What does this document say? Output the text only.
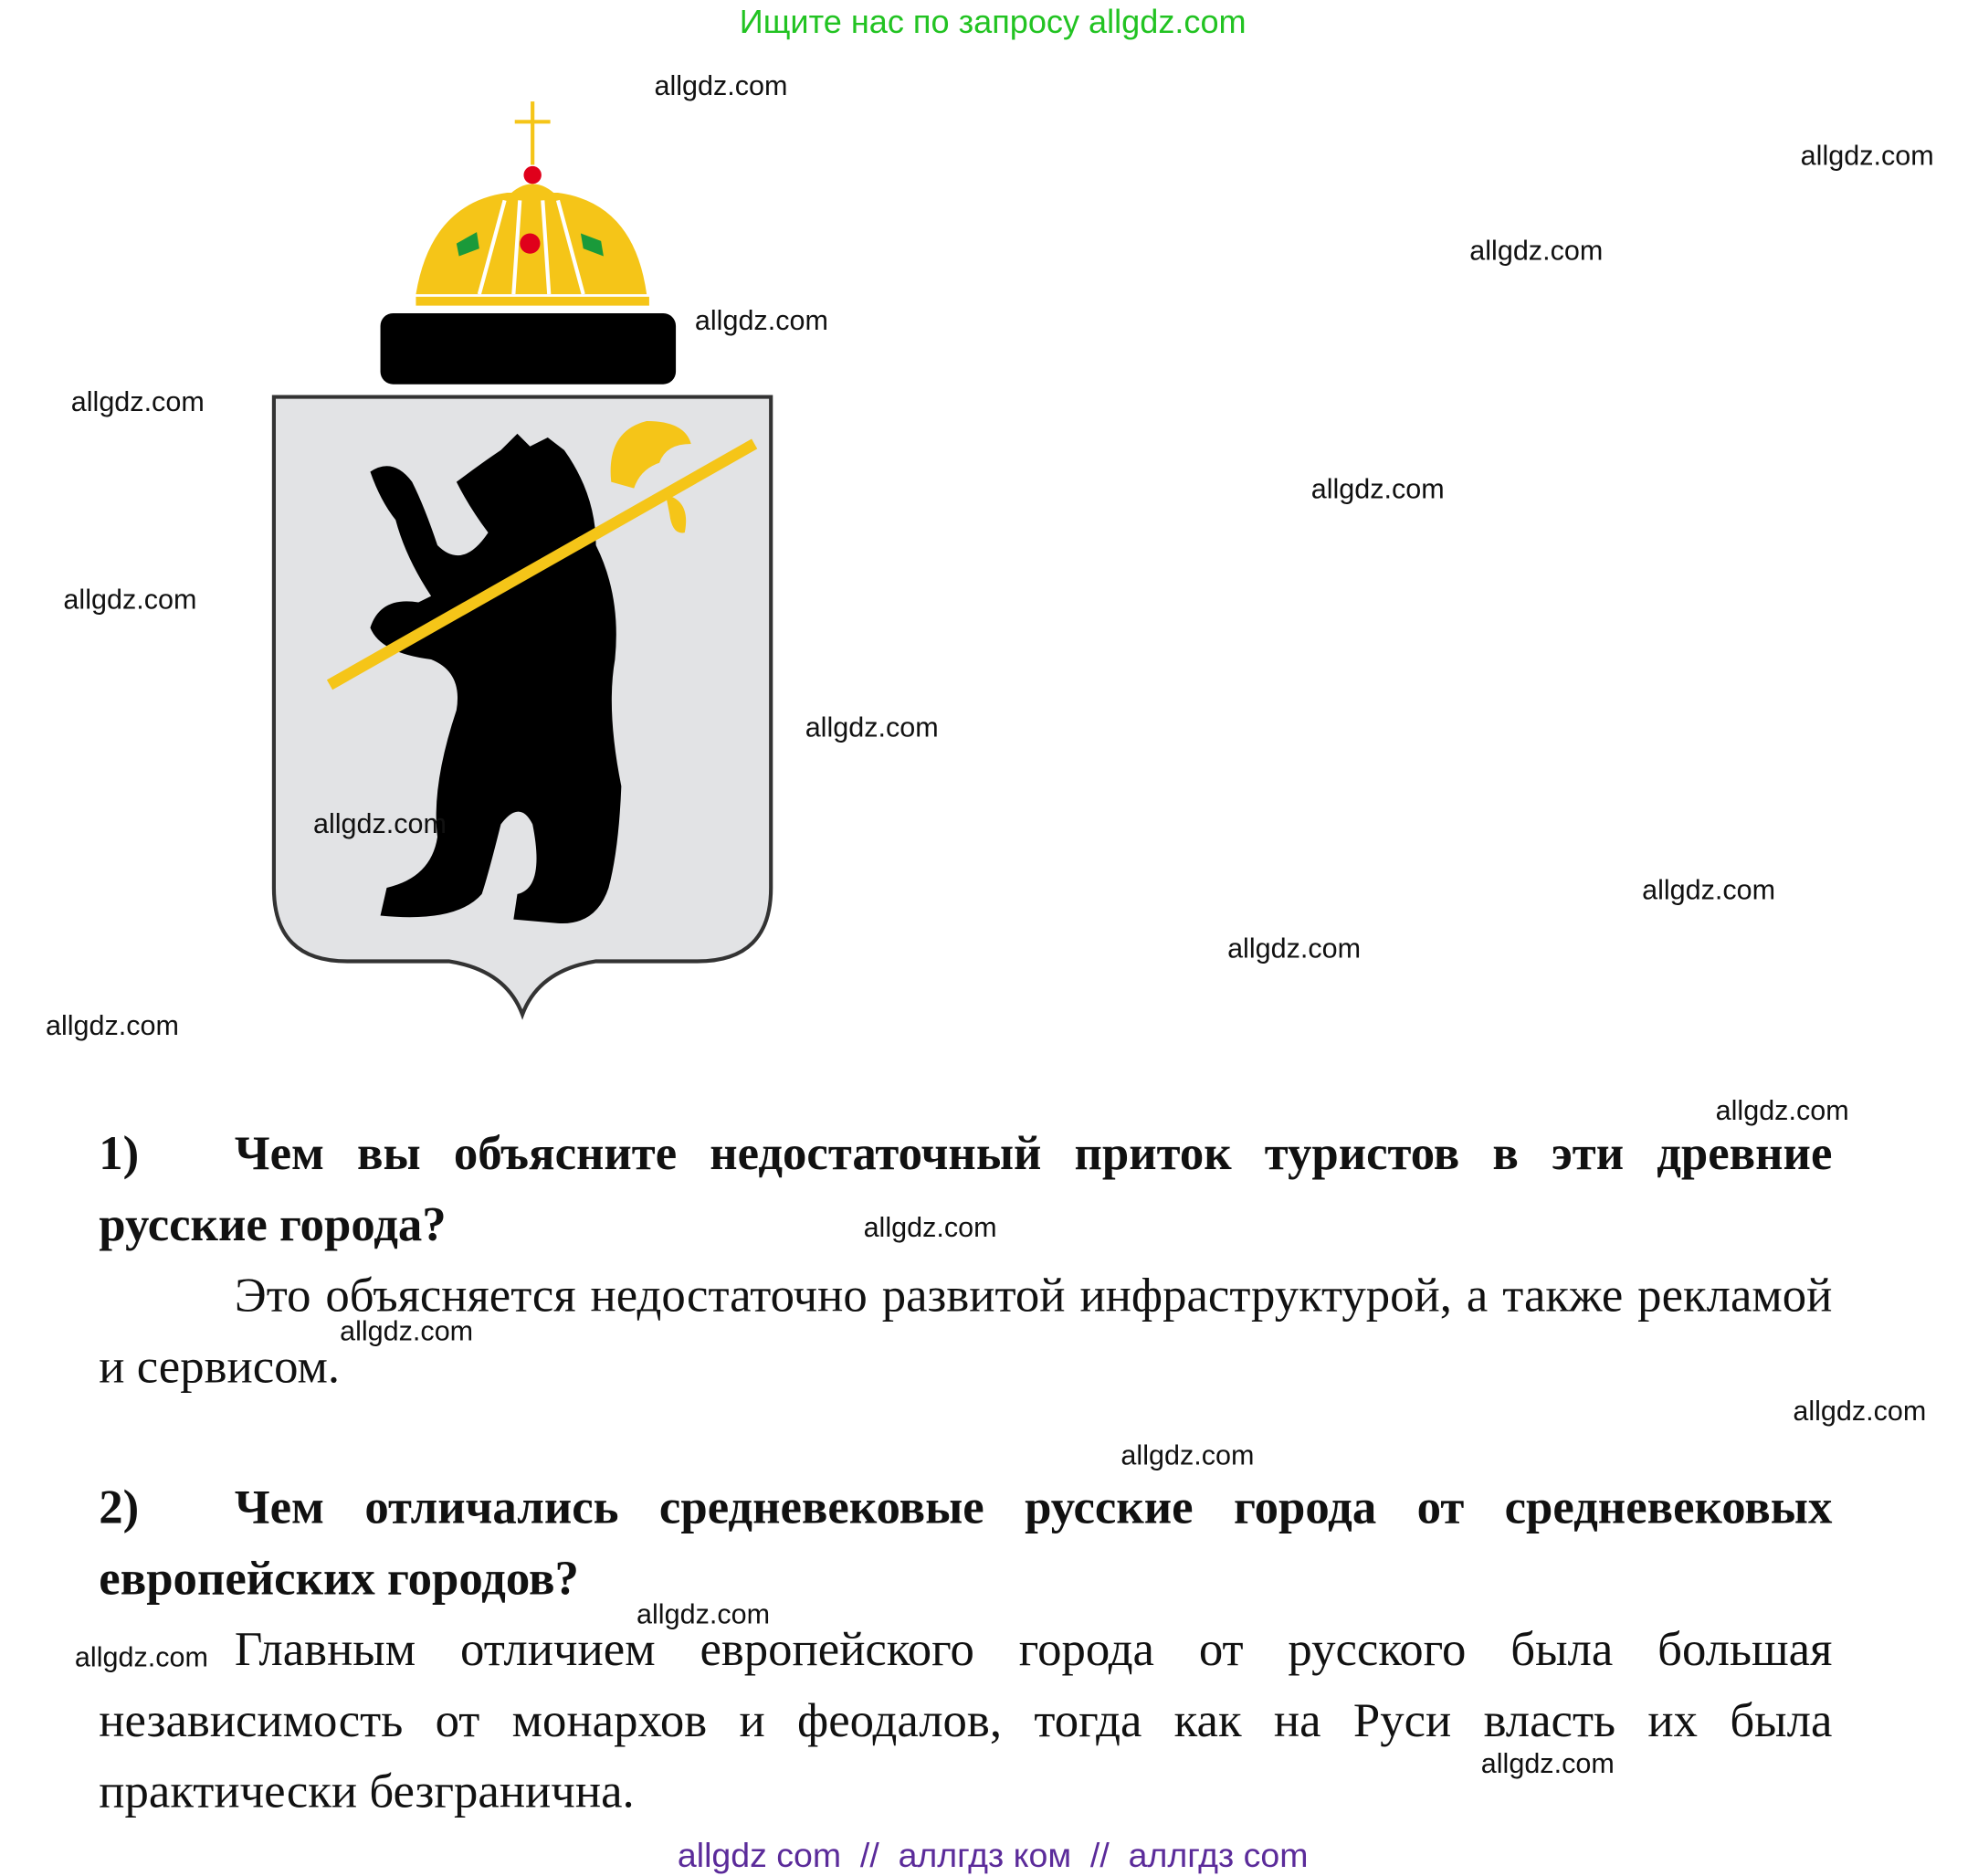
Ищите нас по запросу allgdz.com
1)	Чем вы объясните недостаточный приток туристов в эти древние русские города?
Это объясняется недостаточно развитой инфраструктурой, а также рекламой и сервисом.
2)	Чем отличались средневековые русские города от средневековых европейских городов?
Главным отличием европейского города от русского была большая независимость от монархов и феодалов, тогда как на Руси власть их была практически безгранична.
allgdz.com
allgdz.com
allgdz.com
allgdz.com
allgdz.com
allgdz.com
allgdz.com
allgdz.com
allgdz.com
allgdz.com
allgdz.com
allgdz.com
allgdz.com
allgdz.com
allgdz.com
allgdz.com
allgdz.com
allgdz.com
allgdz.com
allgdz.com
allgdz com  //  аллгдз ком  //  аллгдз com
